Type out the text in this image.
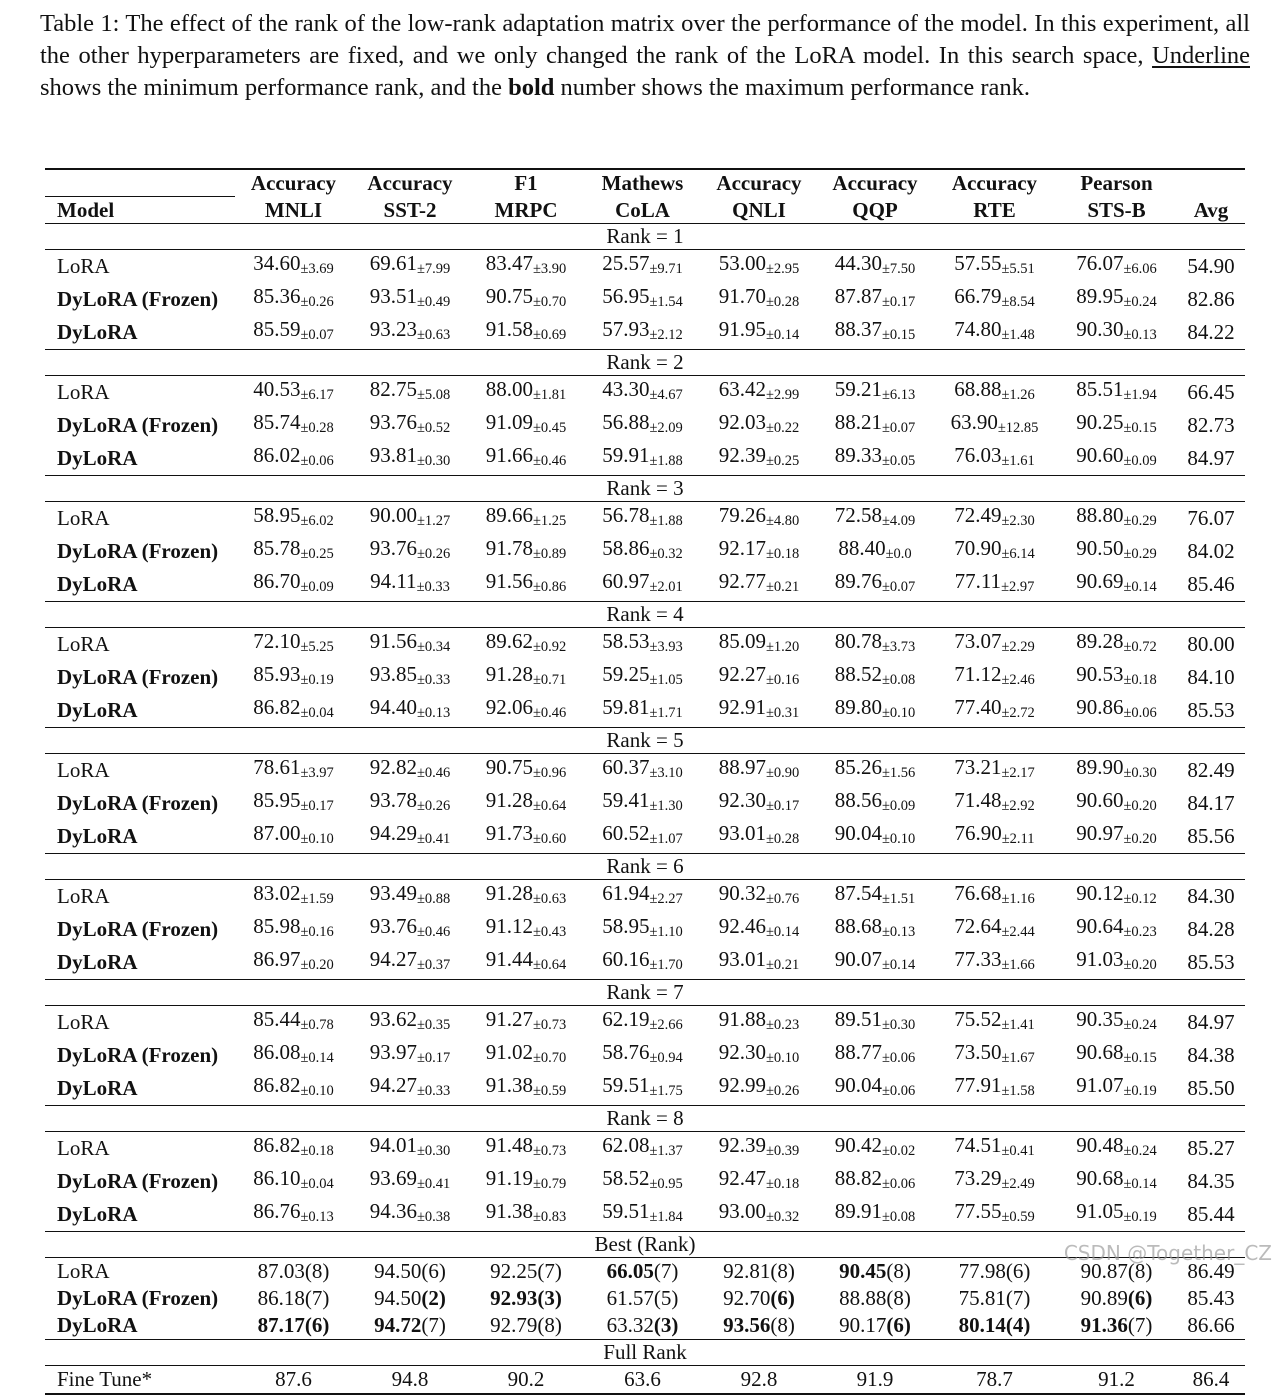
Table 1: The effect of the rank of the low-rank adaptation matrix over the performance of the model. In this experiment, all the other hyperparameters are fixed, and we only changed the rank of the LoRA model. In this search space, Underline shows the minimum performance rank, and the bold number shows the maximum performance rank.
	Accuracy	Accuracy	F1	Mathews	Accuracy	Accuracy	Accuracy	Pearson	
Model	MNLI	SST-2	MRPC	CoLA	QNLI	QQP	RTE	STS-B	Avg
Rank = 1									
LoRA	34.60±3.69	69.61±7.99	83.47±3.90	25.57±9.71	53.00±2.95	44.30±7.50	57.55±5.51	76.07±6.06	54.90
DyLoRA (Frozen)	85.36±0.26	93.51±0.49	90.75±0.70	56.95±1.54	91.70±0.28	87.87±0.17	66.79±8.54	89.95±0.24	82.86
DyLoRA	85.59±0.07	93.23±0.63	91.58±0.69	57.93±2.12	91.95±0.14	88.37±0.15	74.80±1.48	90.30±0.13	84.22
Rank = 2									
LoRA	40.53±6.17	82.75±5.08	88.00±1.81	43.30±4.67	63.42±2.99	59.21±6.13	68.88±1.26	85.51±1.94	66.45
DyLoRA (Frozen)	85.74±0.28	93.76±0.52	91.09±0.45	56.88±2.09	92.03±0.22	88.21±0.07	63.90±12.85	90.25±0.15	82.73
DyLoRA	86.02±0.06	93.81±0.30	91.66±0.46	59.91±1.88	92.39±0.25	89.33±0.05	76.03±1.61	90.60±0.09	84.97
Rank = 3									
LoRA	58.95±6.02	90.00±1.27	89.66±1.25	56.78±1.88	79.26±4.80	72.58±4.09	72.49±2.30	88.80±0.29	76.07
DyLoRA (Frozen)	85.78±0.25	93.76±0.26	91.78±0.89	58.86±0.32	92.17±0.18	88.40±0.0	70.90±6.14	90.50±0.29	84.02
DyLoRA	86.70±0.09	94.11±0.33	91.56±0.86	60.97±2.01	92.77±0.21	89.76±0.07	77.11±2.97	90.69±0.14	85.46
Rank = 4									
LoRA	72.10±5.25	91.56±0.34	89.62±0.92	58.53±3.93	85.09±1.20	80.78±3.73	73.07±2.29	89.28±0.72	80.00
DyLoRA (Frozen)	85.93±0.19	93.85±0.33	91.28±0.71	59.25±1.05	92.27±0.16	88.52±0.08	71.12±2.46	90.53±0.18	84.10
DyLoRA	86.82±0.04	94.40±0.13	92.06±0.46	59.81±1.71	92.91±0.31	89.80±0.10	77.40±2.72	90.86±0.06	85.53
Rank = 5									
LoRA	78.61±3.97	92.82±0.46	90.75±0.96	60.37±3.10	88.97±0.90	85.26±1.56	73.21±2.17	89.90±0.30	82.49
DyLoRA (Frozen)	85.95±0.17	93.78±0.26	91.28±0.64	59.41±1.30	92.30±0.17	88.56±0.09	71.48±2.92	90.60±0.20	84.17
DyLoRA	87.00±0.10	94.29±0.41	91.73±0.60	60.52±1.07	93.01±0.28	90.04±0.10	76.90±2.11	90.97±0.20	85.56
Rank = 6									
LoRA	83.02±1.59	93.49±0.88	91.28±0.63	61.94±2.27	90.32±0.76	87.54±1.51	76.68±1.16	90.12±0.12	84.30
DyLoRA (Frozen)	85.98±0.16	93.76±0.46	91.12±0.43	58.95±1.10	92.46±0.14	88.68±0.13	72.64±2.44	90.64±0.23	84.28
DyLoRA	86.97±0.20	94.27±0.37	91.44±0.64	60.16±1.70	93.01±0.21	90.07±0.14	77.33±1.66	91.03±0.20	85.53
Rank = 7									
LoRA	85.44±0.78	93.62±0.35	91.27±0.73	62.19±2.66	91.88±0.23	89.51±0.30	75.52±1.41	90.35±0.24	84.97
DyLoRA (Frozen)	86.08±0.14	93.97±0.17	91.02±0.70	58.76±0.94	92.30±0.10	88.77±0.06	73.50±1.67	90.68±0.15	84.38
DyLoRA	86.82±0.10	94.27±0.33	91.38±0.59	59.51±1.75	92.99±0.26	90.04±0.06	77.91±1.58	91.07±0.19	85.50
Rank = 8									
LoRA	86.82±0.18	94.01±0.30	91.48±0.73	62.08±1.37	92.39±0.39	90.42±0.02	74.51±0.41	90.48±0.24	85.27
DyLoRA (Frozen)	86.10±0.04	93.69±0.41	91.19±0.79	58.52±0.95	92.47±0.18	88.82±0.06	73.29±2.49	90.68±0.14	84.35
DyLoRA	86.76±0.13	94.36±0.38	91.38±0.83	59.51±1.84	93.00±0.32	89.91±0.08	77.55±0.59	91.05±0.19	85.44
Best (Rank)									
LoRA	87.03(8)	94.50(6)	92.25(7)	66.05(7)	92.81(8)	90.45(8)	77.98(6)	90.87(8)	86.49
DyLoRA (Frozen)	86.18(7)	94.50(2)	92.93(3)	61.57(5)	92.70(6)	88.88(8)	75.81(7)	90.89(6)	85.43
DyLoRA	87.17(6)	94.72(7)	92.79(8)	63.32(3)	93.56(8)	90.17(6)	80.14(4)	91.36(7)	86.66
Full Rank									
Fine Tune*	87.6	94.8	90.2	63.6	92.8	91.9	78.7	91.2	86.4
CSDN @Together_CZ
